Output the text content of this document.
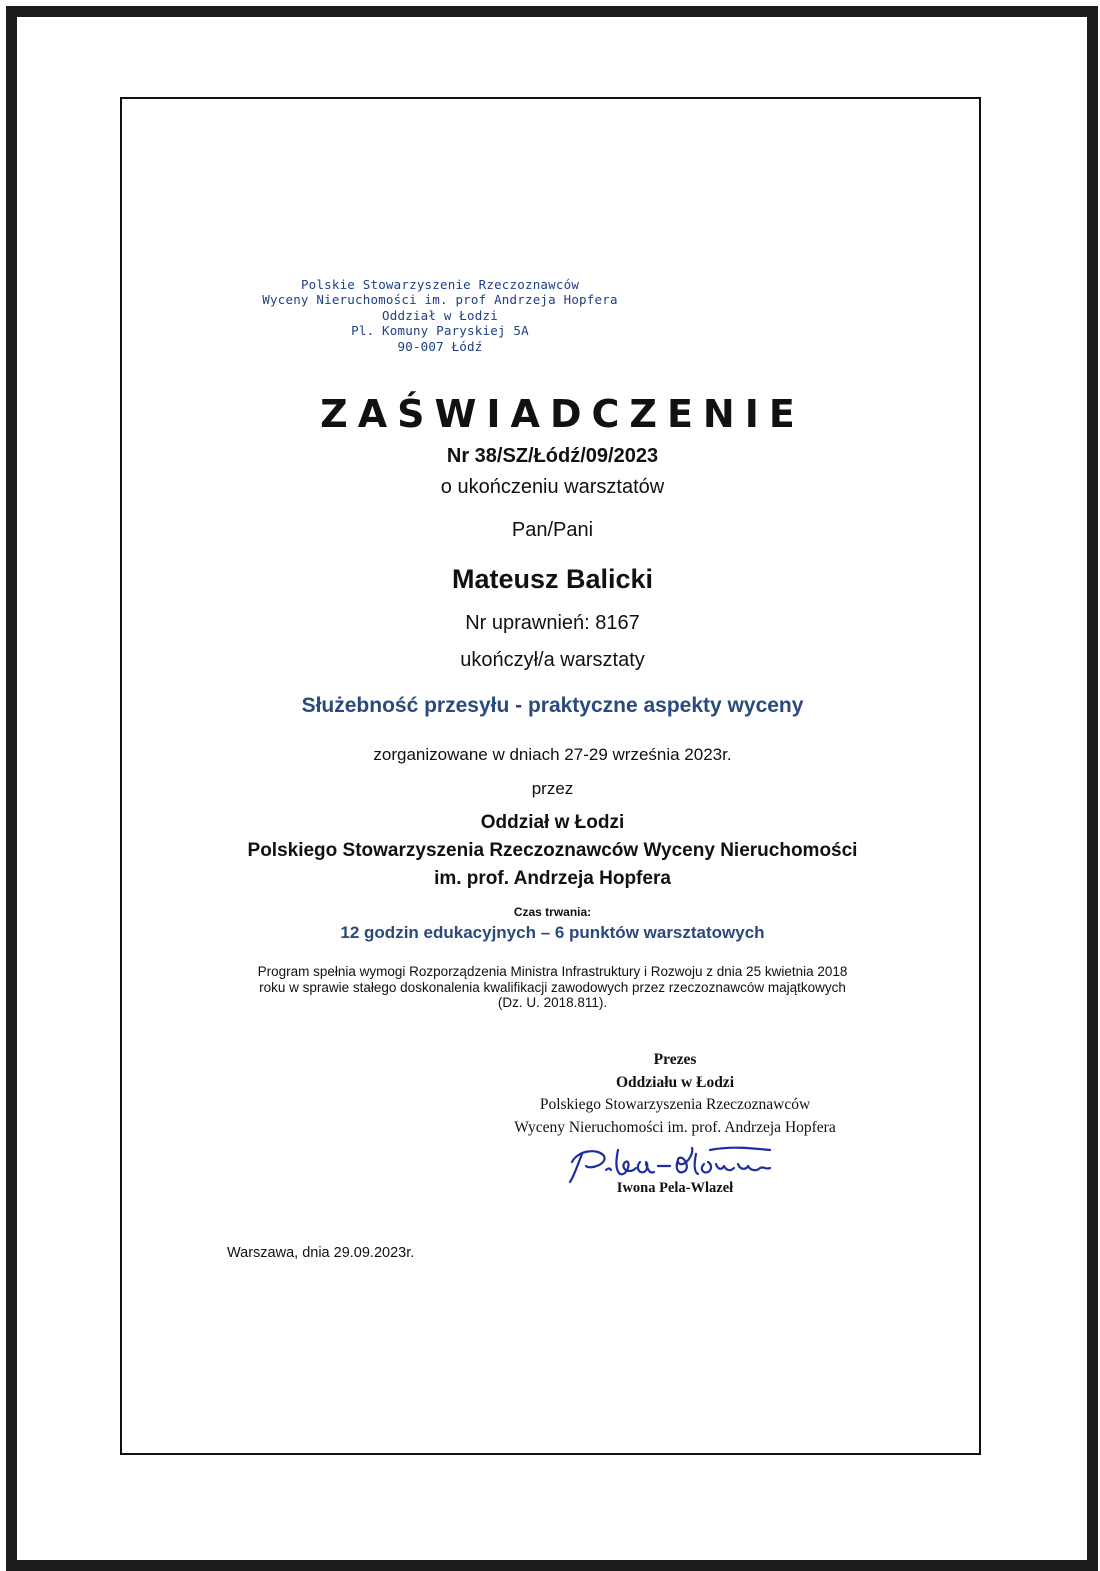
Polskie Stowarzyszenie Rzeczoznawców
Wyceny Nieruchomości im. prof Andrzeja Hopfera
Oddział w Łodzi
Pl. Komuny Paryskiej 5A
90-007 Łódź
ZAŚWIADCZENIE
Nr 38/SZ/Łódź/09/2023
o ukończeniu warsztatów
Pan/Pani
Mateusz Balicki
Nr uprawnień: 8167
ukończył/a warsztaty
Służebność przesyłu - praktyczne aspekty wyceny
zorganizowane w dniach 27-29 września 2023r.
przez
Oddział w Łodzi
Polskiego Stowarzyszenia Rzeczoznawców Wyceny Nieruchomości
im. prof. Andrzeja Hopfera
Czas trwania:
12 godzin edukacyjnych – 6 punktów warsztatowych
Program spełnia wymogi Rozporządzenia Ministra Infrastruktury i Rozwoju z dnia 25 kwietnia 2018
roku w sprawie stałego doskonalenia kwalifikacji zawodowych przez rzeczoznawców majątkowych
(Dz. U. 2018.811).
Prezes
Oddziału w Łodzi
Polskiego Stowarzyszenia Rzeczoznawców
Wyceny Nieruchomości im. prof. Andrzeja Hopfera
Iwona Pela-Wlazeł
Warszawa, dnia 29.09.2023r.
